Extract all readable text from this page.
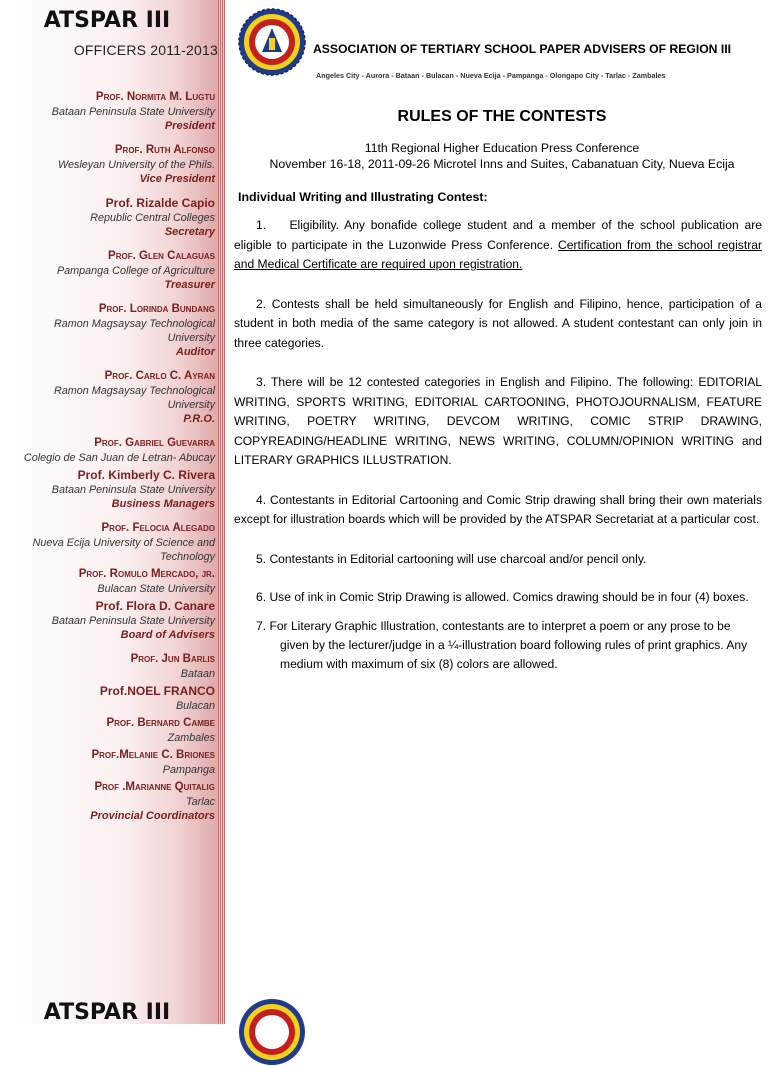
ATSPAR III
OFFICERS 2011-2013
Prof. Normita M. Lugtu
Bataan Peninsula State University
President
Prof. Ruth Alfonso
Wesleyan University of the Phils.
Vice President
Prof. Rizalde Capio
Republic Central Colleges
Secretary
Prof. Glen Calaguas
Pampanga College of Agriculture
Treasurer
Prof. Lorinda Bundang
Ramon Magsaysay Technological University
Auditor
Prof. Carlo C. Ayran
Ramon Magsaysay Technological University
P.R.O.
Prof. Gabriel Guevarra
Colegio de San Juan de Letran- Abucay
Prof. Kimberly C. Rivera
Bataan Peninsula State University
Business Managers
Prof. Felocia Alegado
Nueva Ecija University of Science and Technology
Prof. Romulo Mercado, jr.
Bulacan State University
Prof. Flora D. Canare
Bataan Peninsula State University
Board of Advisers
Prof. Jun Barlis
Bataan
Prof.NOEL FRANCO
Bulacan
Prof. Bernard Cambe
Zambales
Prof.Melanie C. Briones
Pampanga
Prof .Marianne Quitalig
Tarlac
Provincial Coordinators
ATSPAR III
ASSOCIATION OF TERTIARY SCHOOL PAPER ADVISERS OF REGION III
Angeles City - Aurora - Bataan - Bulacan - Nueva Ecija - Pampanga - Olongapo City - Tarlac - Zambales
RULES OF THE CONTESTS
11th Regional Higher Education Press Conference
November 16-18, 2011-09-26 Microtel Inns and Suites, Cabanatuan City, Nueva Ecija
Individual Writing and Illustrating Contest:
1. Eligibility. Any bonafide college student and a member of the school publication are eligible to participate in the Luzonwide Press Conference. Certification from the school registrar and Medical Certificate are required upon registration.
2. Contests shall be held simultaneously for English and Filipino, hence, participation of a student in both media of the same category is not allowed. A student contestant can only join in three categories.
3. There will be 12 contested categories in English and Filipino. The following: EDITORIAL WRITING, SPORTS WRITING, EDITORIAL CARTOONING, PHOTOJOURNALISM, FEATURE WRITING, POETRY WRITING, DEVCOM WRITING, COMIC STRIP DRAWING, COPYREADING/HEADLINE WRITING, NEWS WRITING, COLUMN/OPINION WRITING and LITERARY GRAPHICS ILLUSTRATION.
4. Contestants in Editorial Cartooning and Comic Strip drawing shall bring their own materials except for illustration boards which will be provided by the ATSPAR Secretariat at a particular cost.
5. Contestants in Editorial cartooning will use charcoal and/or pencil only.
6. Use of ink in Comic Strip Drawing is allowed. Comics drawing should be in four (4) boxes.
7. For Literary Graphic Illustration, contestants are to interpret a poem or any prose to be given by the lecturer/judge in a ¼-illustration board following rules of print graphics. Any medium with maximum of six (8) colors are allowed.
